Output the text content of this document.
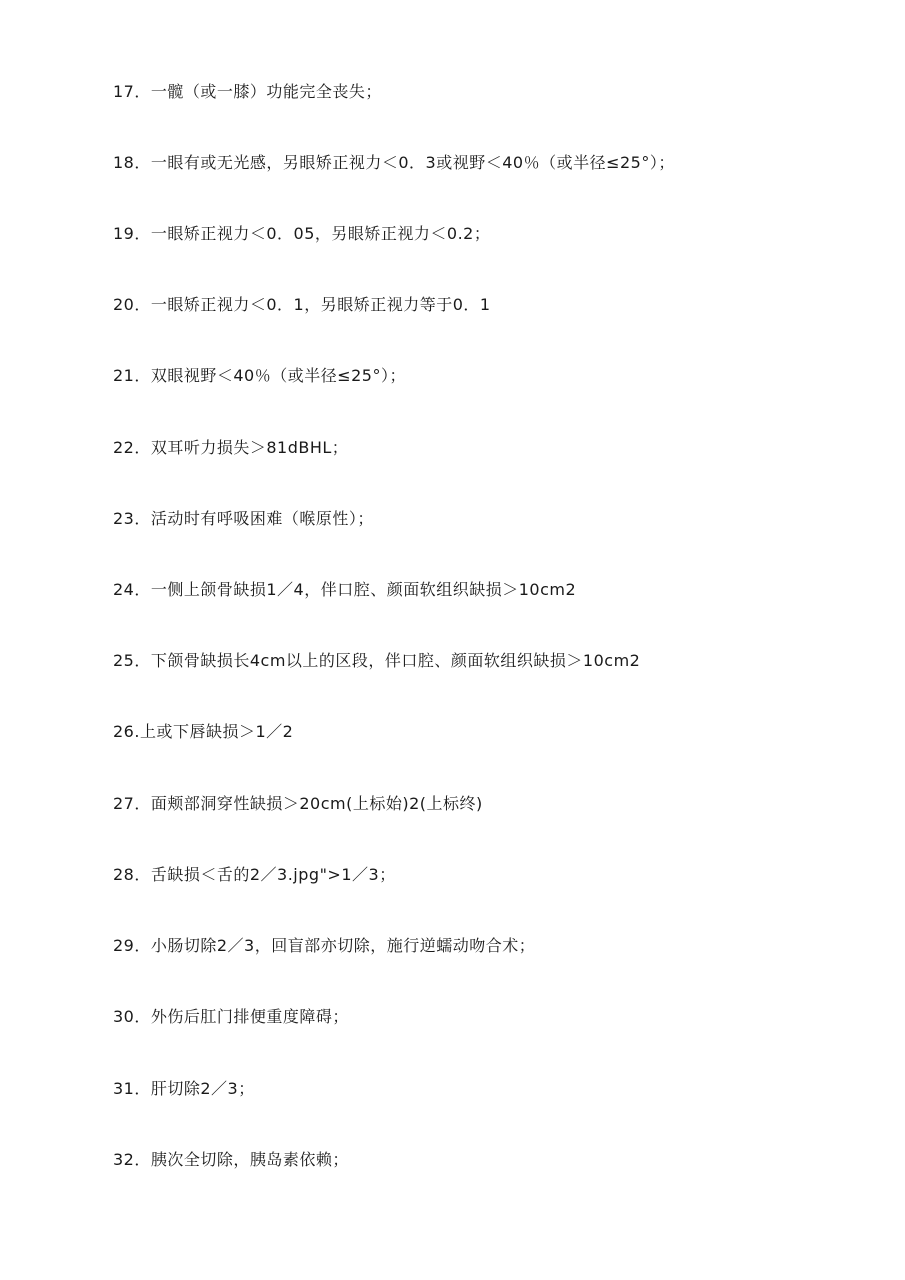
17．一髋（或一膝）功能完全丧失；
18．一眼有或无光感，另眼矫正视力＜0．3或视野＜40％（或半径≤25°）；
19．一眼矫正视力＜0．05，另眼矫正视力＜0.2；
20．一眼矫正视力＜0．1，另眼矫正视力等于0．1
21．双眼视野＜40％（或半径≤25°）；
22．双耳听力损失＞81dBHL；
23．活动时有呼吸困难（喉原性）；
24．一侧上颌骨缺损1／4，伴口腔、颜面软组织缺损＞10cm2
25．下颌骨缺损长4cm以上的区段，伴口腔、颜面软组织缺损＞10cm2
26.上或下唇缺损＞1／2
27．面颊部洞穿性缺损＞20cm(上标始)2(上标终)
28．舌缺损＜舌的2／3.jpg">1／3；
29．小肠切除2／3，回盲部亦切除，施行逆蠕动吻合术；
30．外伤后肛门排便重度障碍；
31．肝切除2／3；
32．胰次全切除，胰岛素依赖；
